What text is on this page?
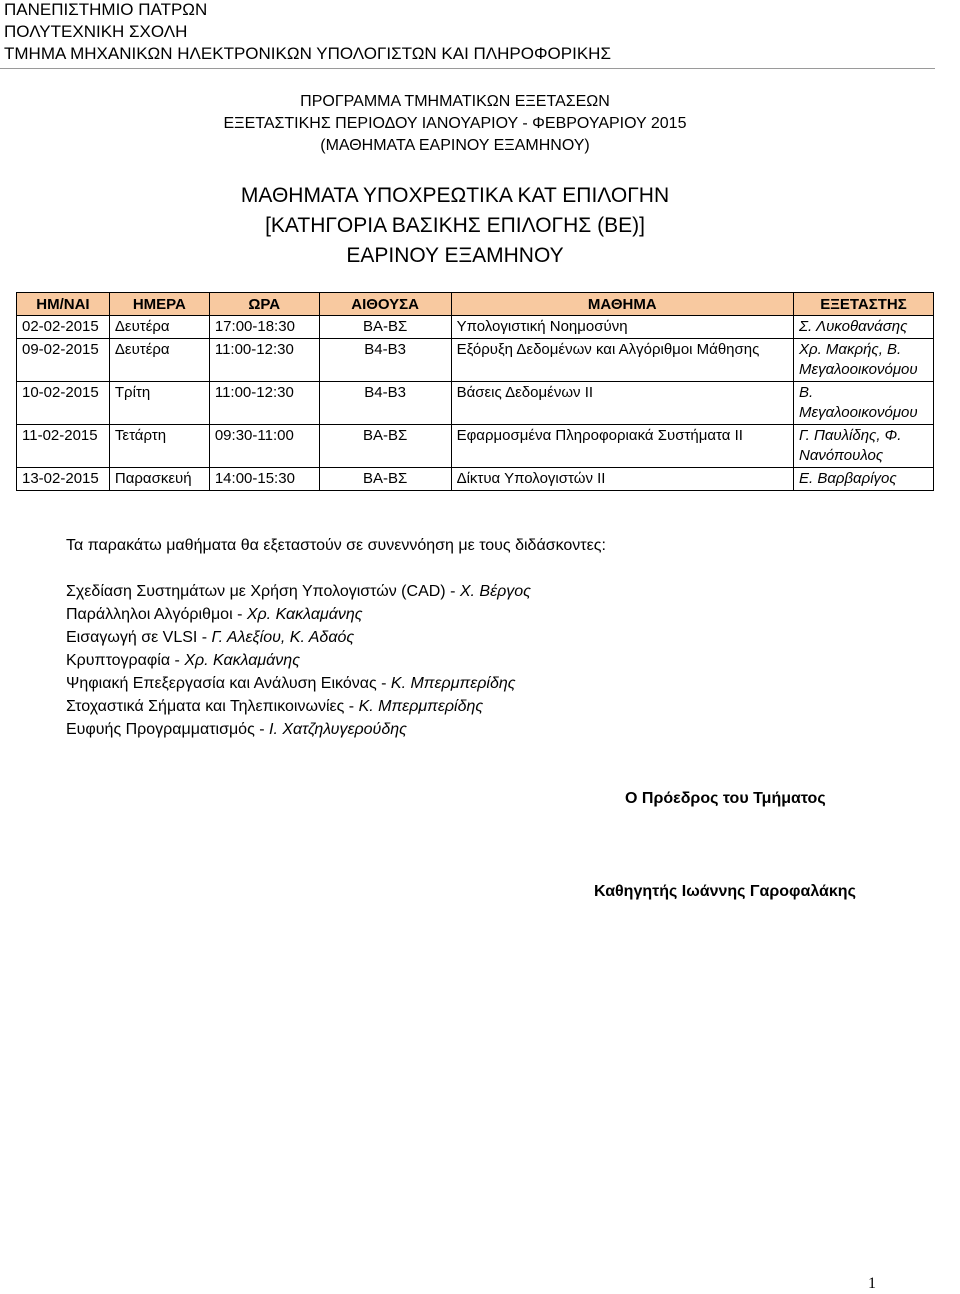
ΠΑΝΕΠΙΣΤΗΜΙΟ ΠΑΤΡΩΝ
ΠΟΛΥΤΕΧΝΙΚΗ ΣΧΟΛΗ
ΤΜΗΜΑ ΜΗΧΑΝΙΚΩΝ ΗΛΕΚΤΡΟΝΙΚΩΝ ΥΠΟΛΟΓΙΣΤΩΝ ΚΑΙ ΠΛΗΡΟΦΟΡΙΚΗΣ
ΠΡΟΓΡΑΜΜΑ ΤΜΗΜΑΤΙΚΩΝ ΕΞΕΤΑΣΕΩΝ
ΕΞΕΤΑΣΤΙΚΗΣ ΠΕΡΙΟΔΟΥ ΙΑΝΟΥΑΡΙΟΥ - ΦΕΒΡΟΥΑΡΙΟΥ 2015
(ΜΑΘΗΜΑΤΑ ΕΑΡΙΝΟΥ ΕΞΑΜΗΝΟΥ)
ΜΑΘΗΜΑΤΑ ΥΠΟΧΡΕΩΤΙΚΑ ΚΑΤ ΕΠΙΛΟΓΗΝ
[ΚΑΤΗΓΟΡΙΑ ΒΑΣΙΚΗΣ ΕΠΙΛΟΓΗΣ (ΒΕ)]
ΕΑΡΙΝΟΥ ΕΞΑΜΗΝΟΥ
ΗΜ/ΝΑΙ	ΗΜΕΡΑ	ΩΡΑ	ΑΙΘΟΥΣΑ	ΜΑΘΗΜΑ	ΕΞΕΤΑΣΤΗΣ
02-02-2015	Δευτέρα	17:00-18:30	ΒΑ-ΒΣ	Υπολογιστική Νοημοσύνη	Σ. Λυκοθανάσης
09-02-2015	Δευτέρα	11:00-12:30	Β4-Β3	Εξόρυξη Δεδομένων και Αλγόριθμοι Μάθησης	Χρ. Μακρής, Β. Μεγαλοοικονόμου
10-02-2015	Τρίτη	11:00-12:30	Β4-Β3	Βάσεις Δεδομένων ΙΙ	Β. Μεγαλοοικονόμου
11-02-2015	Τετάρτη	09:30-11:00	ΒΑ-ΒΣ	Εφαρμοσμένα Πληροφοριακά Συστήματα ΙΙ	Γ. Παυλίδης, Φ. Νανόπουλος
13-02-2015	Παρασκευή	14:00-15:30	ΒΑ-ΒΣ	Δίκτυα Υπολογιστών ΙΙ	Ε. Βαρβαρίγος
Τα παρακάτω μαθήματα θα εξεταστούν σε συνεννόηση με τους διδάσκοντες:
Σχεδίαση Συστημάτων με Χρήση Υπολογιστών (CAD) - Χ. Βέργος
Παράλληλοι Αλγόριθμοι - Χρ. Κακλαμάνης
Εισαγωγή σε VLSI - Γ. Αλεξίου, Κ. Αδαός
Κρυπτογραφία - Χρ. Κακλαμάνης
Ψηφιακή Επεξεργασία και Ανάλυση Εικόνας - Κ. Μπερμπερίδης
Στοχαστικά Σήματα και Τηλεπικοινωνίες - Κ. Μπερμπερίδης
Ευφυής Προγραμματισμός - Ι. Χατζηλυγερούδης
Ο Πρόεδρος του Τμήματος
Καθηγητής Ιωάννης Γαροφαλάκης
1
